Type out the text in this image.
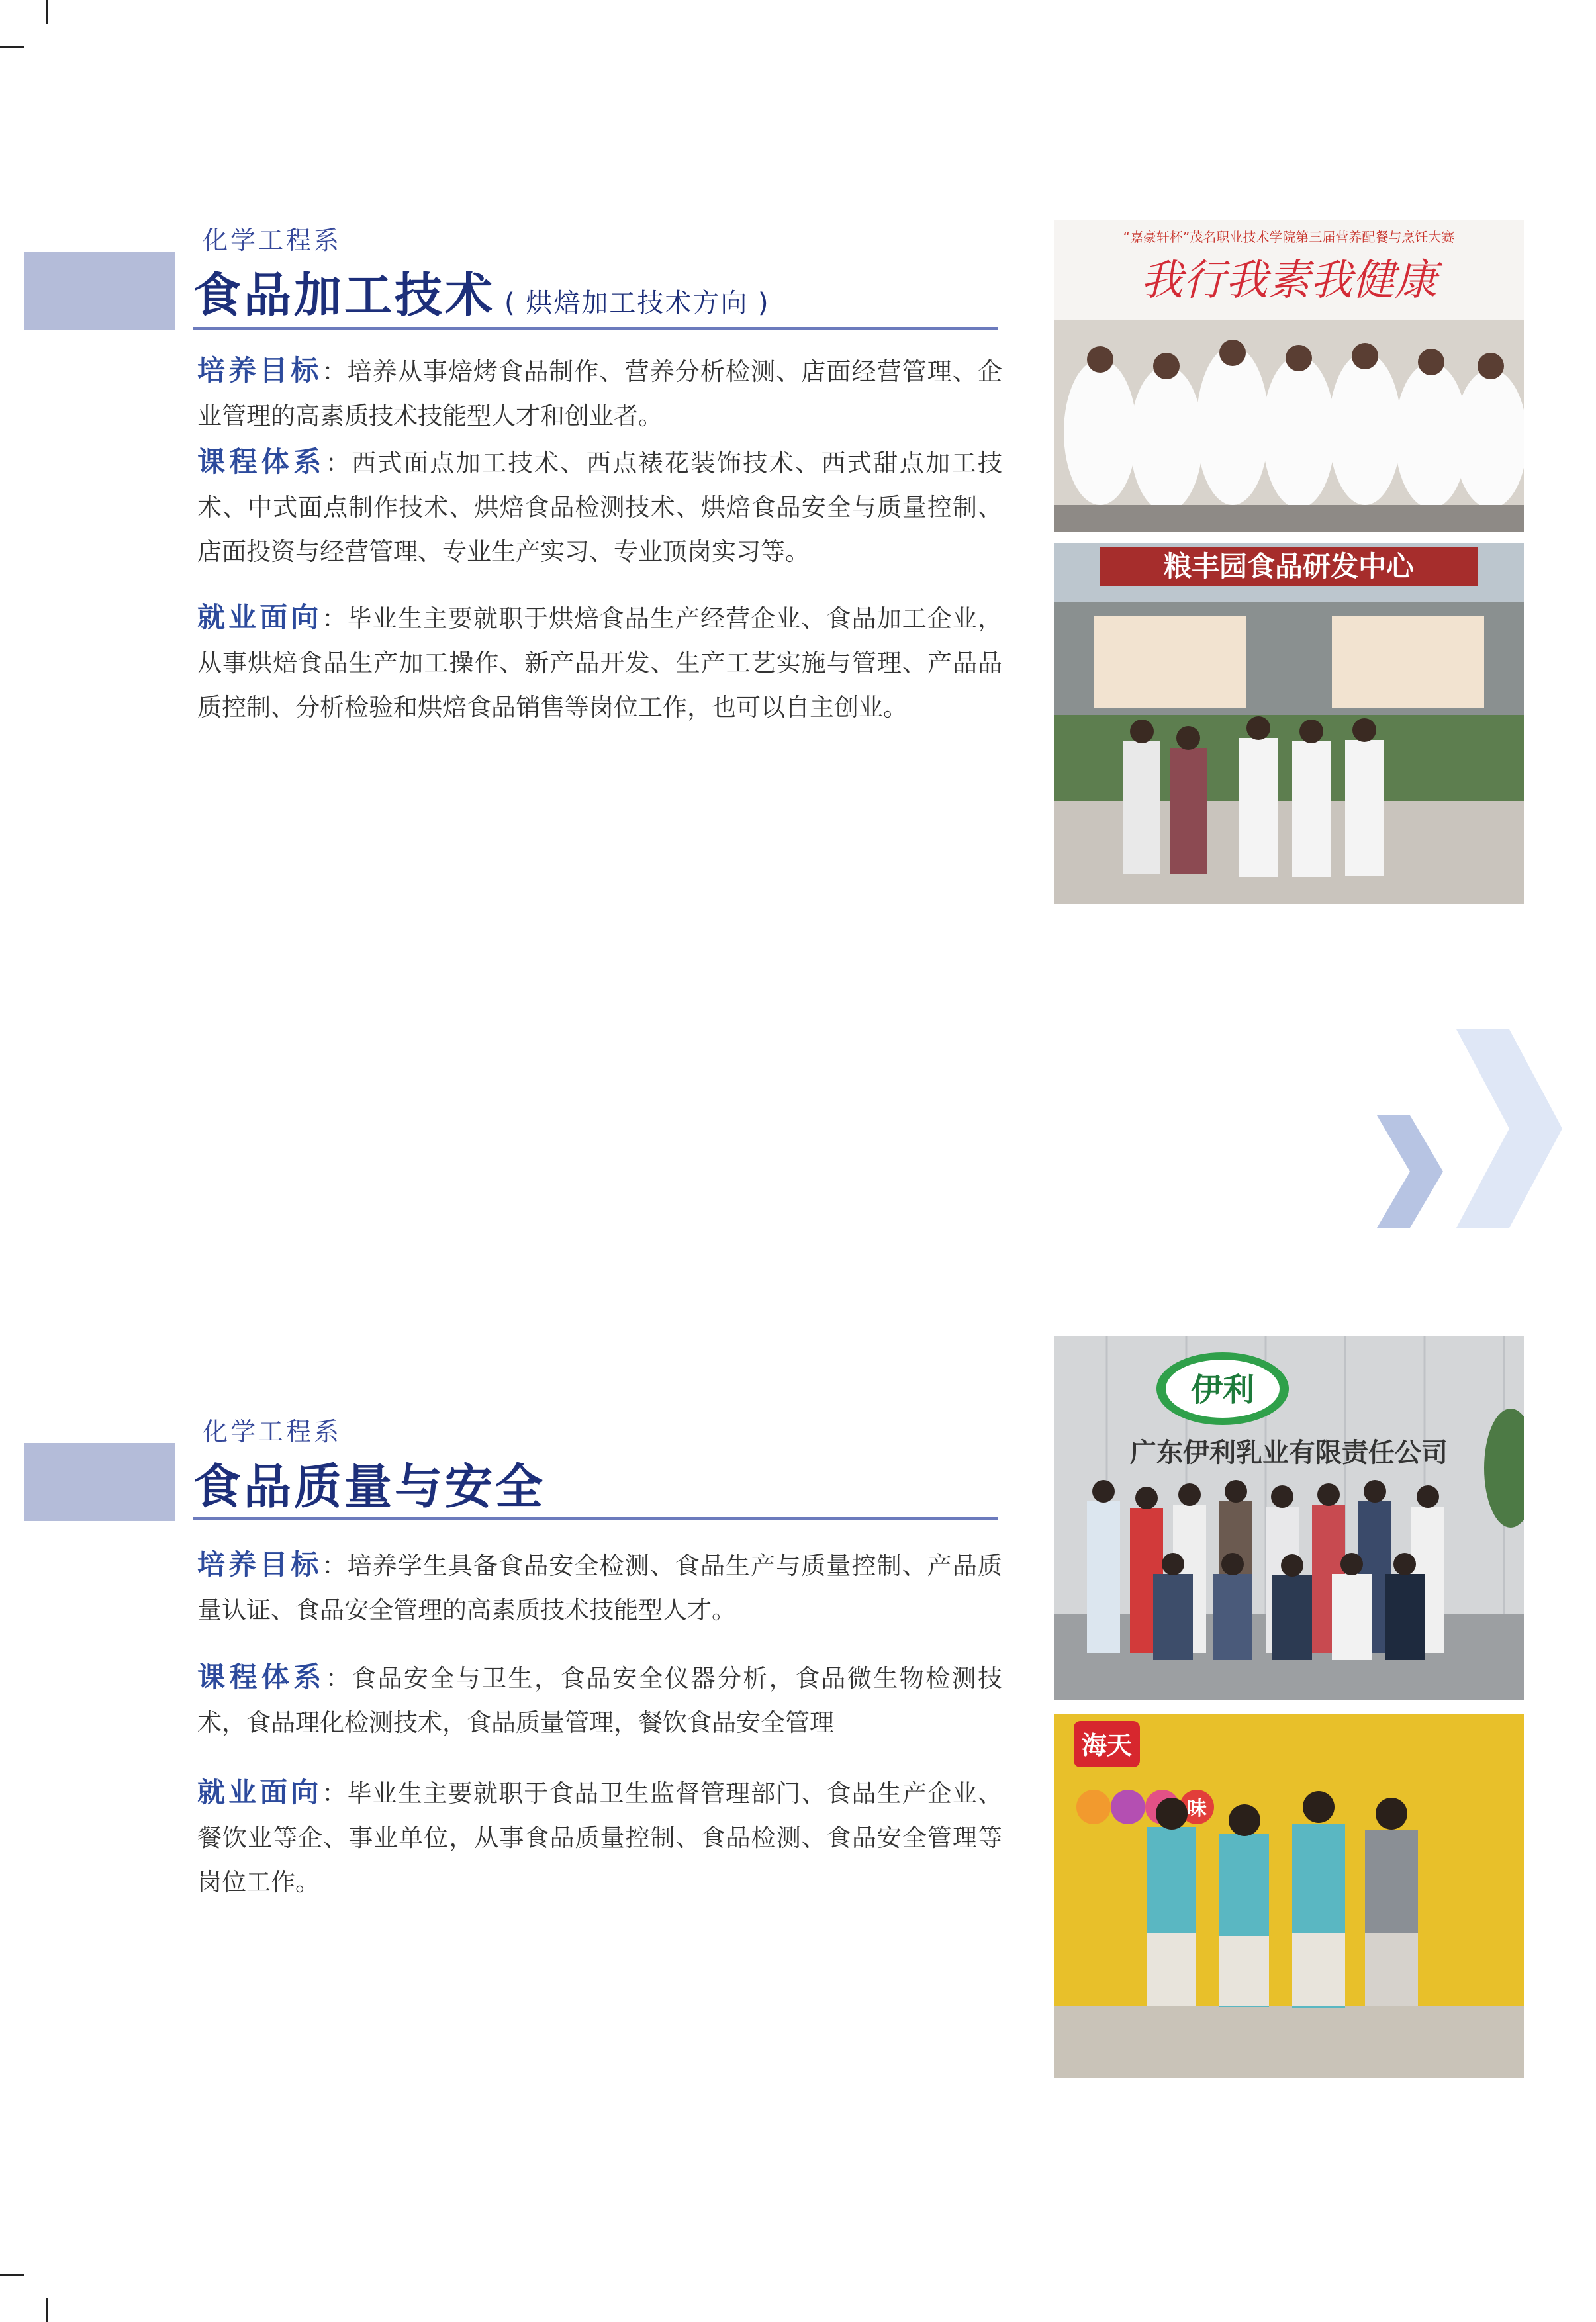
化学工程系
食品加工技术 ( 烘焙加工技术方向 )
培养目标：培养从事焙烤食品制作、营养分析检测、店面经营管理、企业管理的高素质技术技能型人才和创业者。
课程体系：西式面点加工技术、西点裱花装饰技术、西式甜点加工技术、中式面点制作技术、烘焙食品检测技术、烘焙食品安全与质量控制、店面投资与经营管理、专业生产实习、专业顶岗实习等。
就业面向：毕业生主要就职于烘焙食品生产经营企业、食品加工企业，从事烘焙食品生产加工操作、新产品开发、生产工艺实施与管理、产品品质控制、分析检验和烘焙食品销售等岗位工作，也可以自主创业。
“嘉豪轩杯”茂名职业技术学院第三届营养配餐与烹饪大赛
我行我素我健康
粮丰园食品研发中心
化学工程系
食品质量与安全
培养目标：培养学生具备食品安全检测、食品生产与质量控制、产品质量认证、食品安全管理的高素质技术技能型人才。
课程体系：食品安全与卫生，食品安全仪器分析，食品微生物检测技术，食品理化检测技术，食品质量管理，餐饮食品安全管理
就业面向：毕业生主要就职于食品卫生监督管理部门、食品生产企业、餐饮业等企、事业单位，从事食品质量控制、食品检测、食品安全管理等岗位工作。
伊利
广东伊利乳业有限责任公司
海天
味
